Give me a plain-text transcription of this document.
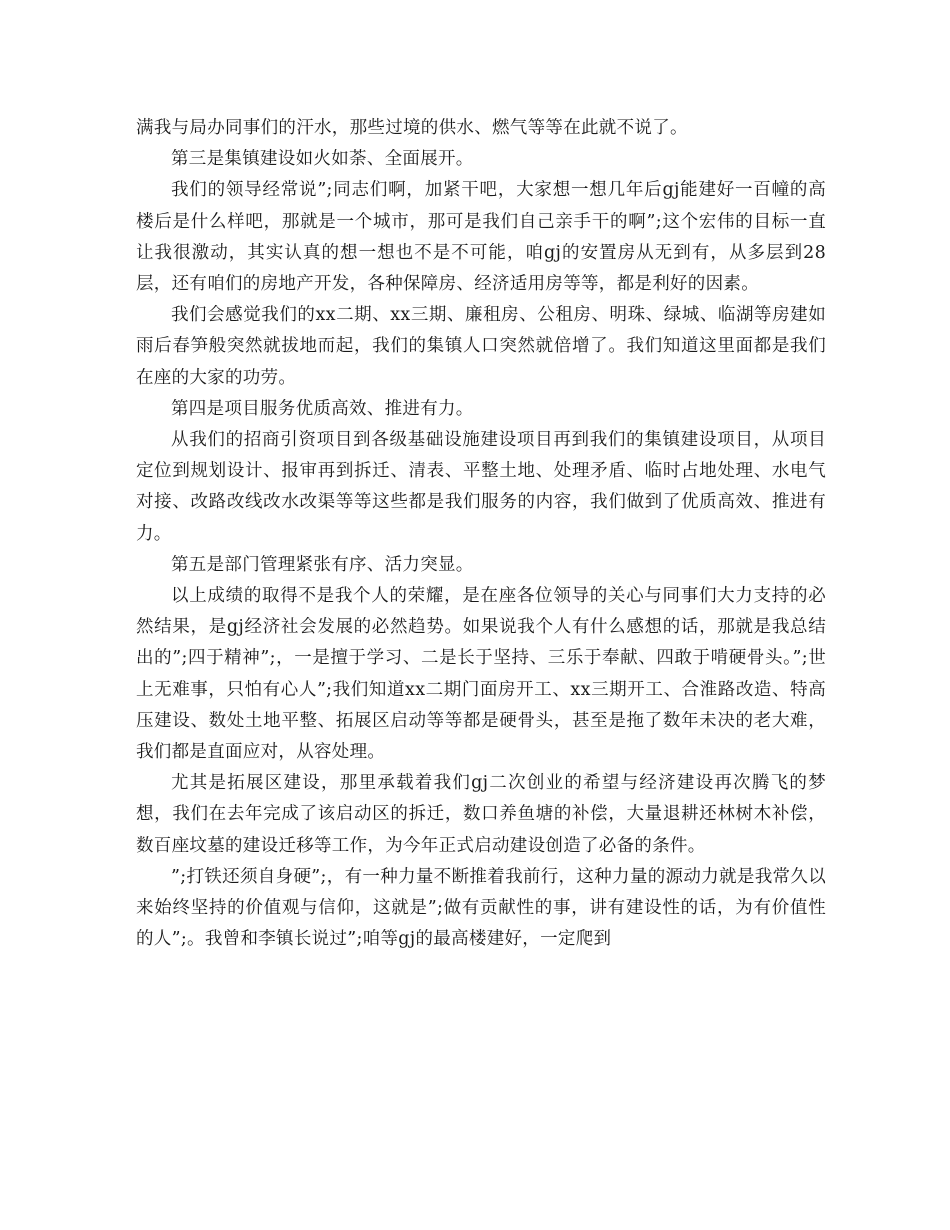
满我与局办同事们的汗水，那些过境的供水、燃气等等在此就不说了。

第三是集镇建设如火如荼、全面展开。

我们的领导经常说”;同志们啊，加紧干吧，大家想一想几年后gj能建好一百幢的高楼后是什么样吧，那就是一个城市，那可是我们自己亲手干的啊”;这个宏伟的目标一直让我很激动，其实认真的想一想也不是不可能，咱gj的安置房从无到有，从多层到28层，还有咱们的房地产开发，各种保障房、经济适用房等等，都是利好的因素。

我们会感觉我们的xx二期、xx三期、廉租房、公租房、明珠、绿城、临湖等房建如雨后春笋般突然就拔地而起，我们的集镇人口突然就倍增了。我们知道这里面都是我们在座的大家的功劳。

第四是项目服务优质高效、推进有力。

从我们的招商引资项目到各级基础设施建设项目再到我们的集镇建设项目，从项目定位到规划设计、报审再到拆迁、清表、平整土地、处理矛盾、临时占地处理、水电气对接、改路改线改水改渠等等这些都是我们服务的内容，我们做到了优质高效、推进有力。

第五是部门管理紧张有序、活力突显。

以上成绩的取得不是我个人的荣耀，是在座各位领导的关心与同事们大力支持的必然结果，是gj经济社会发展的必然趋势。如果说我个人有什么感想的话，那就是我总结出的”;四于精神”;，一是擅于学习、二是长于坚持、三乐于奉献、四敢于啃硬骨头。”;世上无难事，只怕有心人”;我们知道xx二期门面房开工、xx三期开工、合淮路改造、特高压建设、数处土地平整、拓展区启动等等都是硬骨头，甚至是拖了数年未决的老大难，我们都是直面应对，从容处理。

尤其是拓展区建设，那里承载着我们gj二次创业的希望与经济建设再次腾飞的梦想，我们在去年完成了该启动区的拆迁，数口养鱼塘的补偿，大量退耕还林树木补偿，数百座坟墓的建设迁移等工作，为今年正式启动建设创造了必备的条件。

”;打铁还须自身硬”;，有一种力量不断推着我前行，这种力量的源动力就是我常久以来始终坚持的价值观与信仰，这就是”;做有贡献性的事，讲有建设性的话，为有价值性的人”;。我曾和李镇长说过”;咱等gj的最高楼建好，一定爬到
